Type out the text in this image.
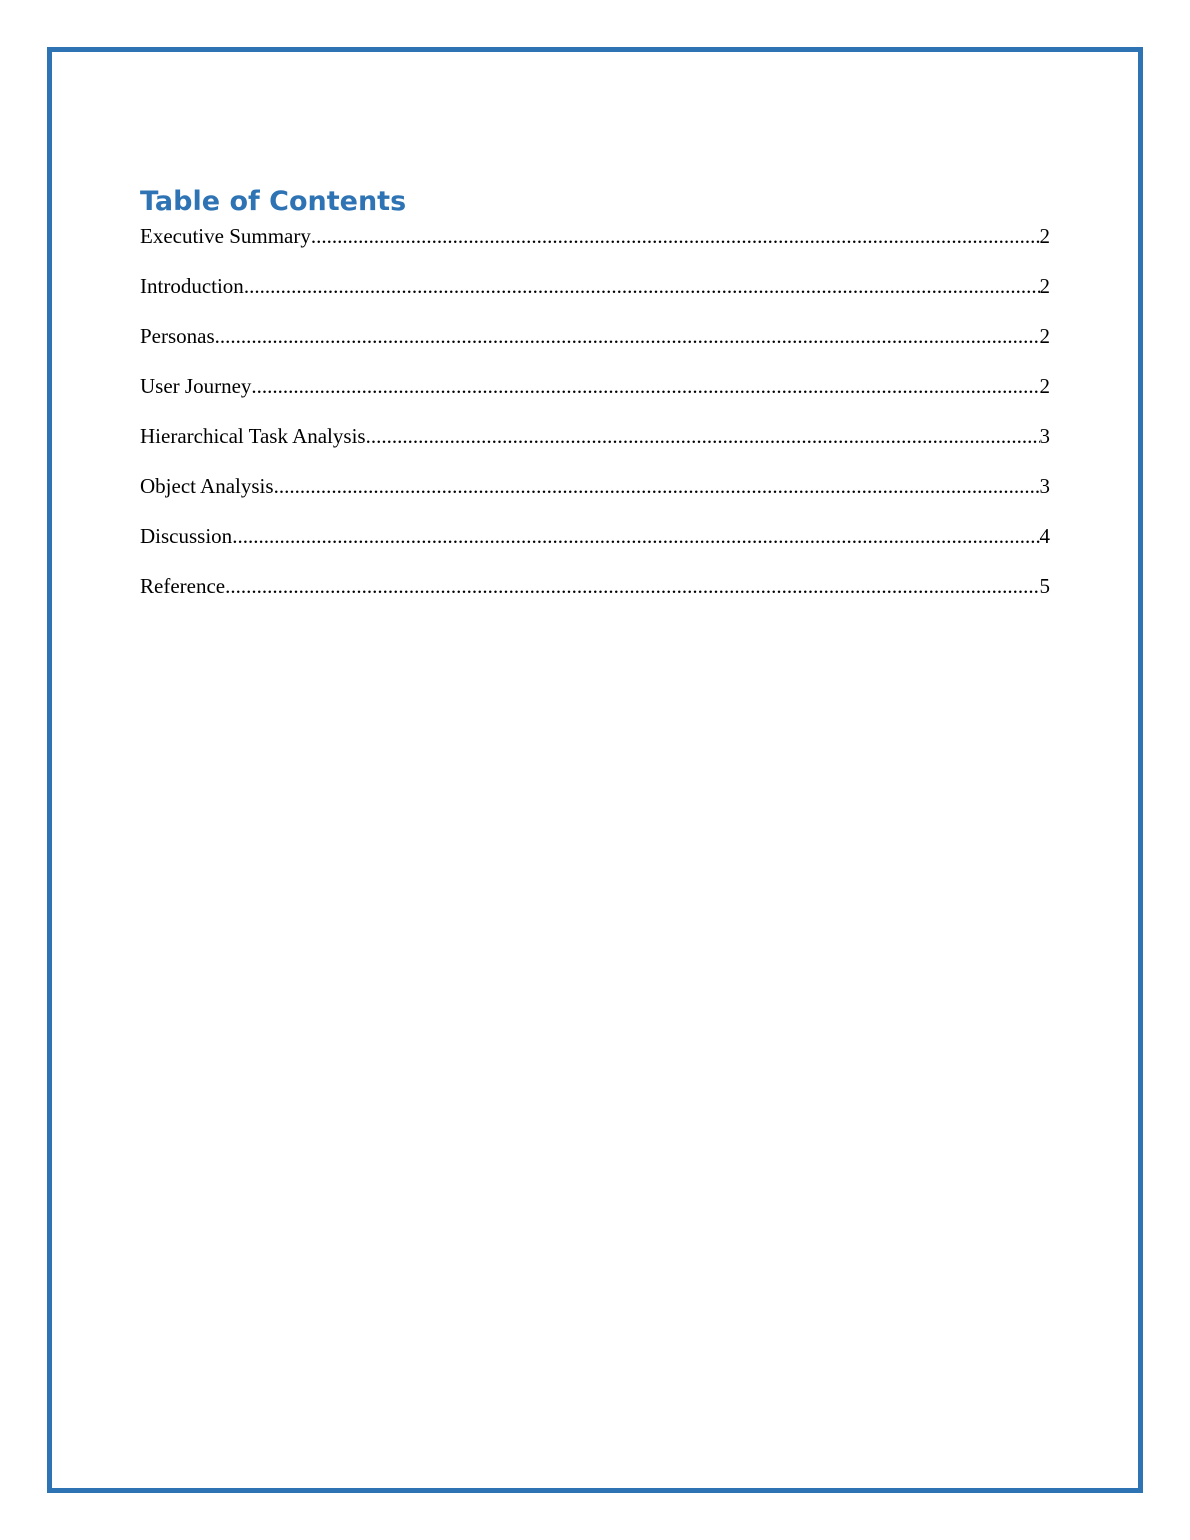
Table of Contents
Executive Summary .....	2
Introduction .....	2
Personas .....	2
User Journey .....	2
Hierarchical Task Analysis .....	3
Object Analysis .....	3
Discussion .....	4
Reference .....	5
